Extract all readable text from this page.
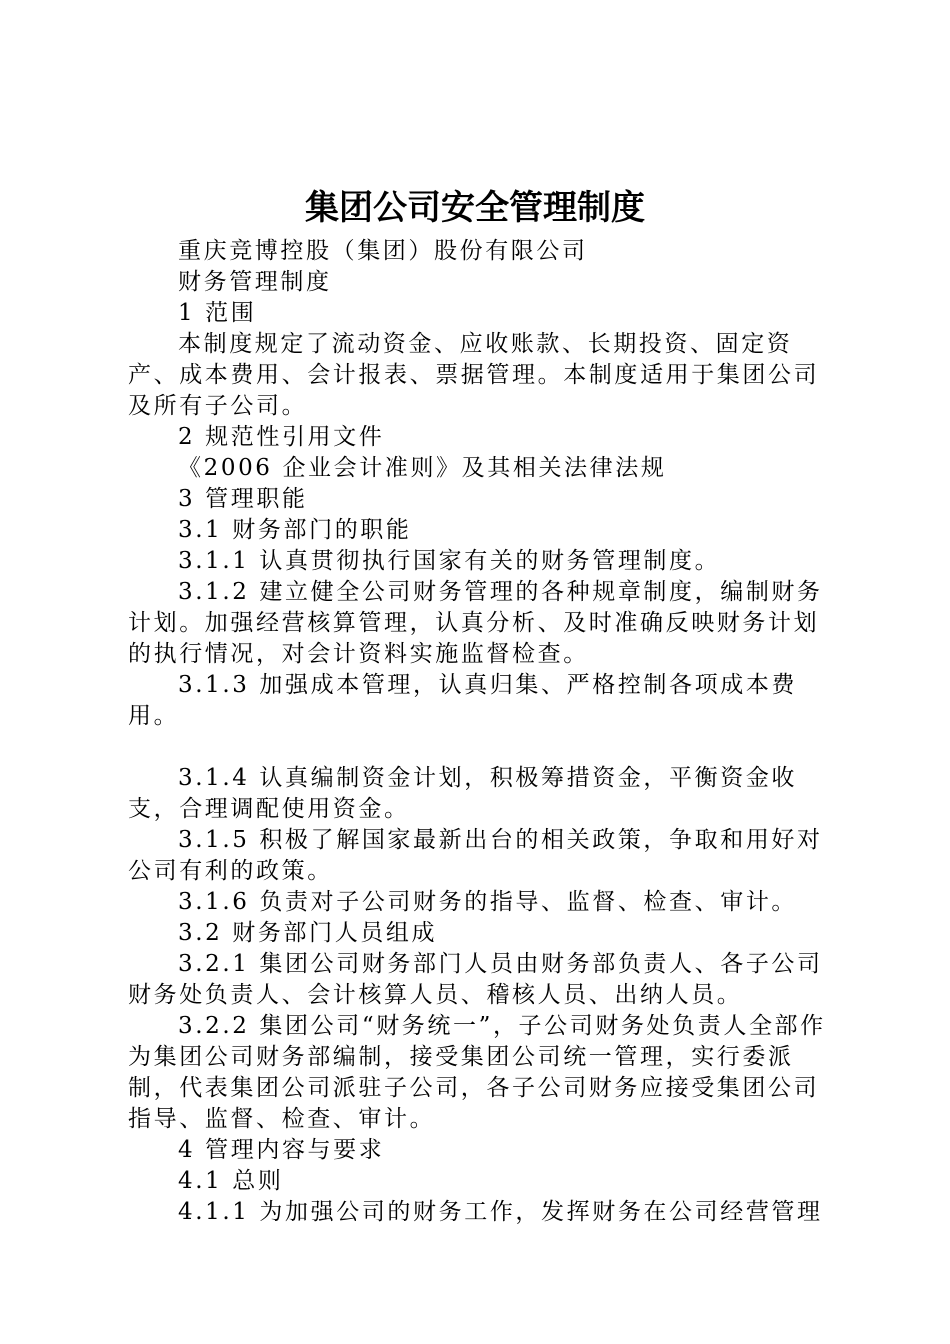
集团公司安全管理制度

重庆竞博控股（集团）股份有限公司

财务管理制度

1 范围

本制度规定了流动资金、应收账款、长期投资、固定资产、成本费用、会计报表、票据管理。本制度适用于集团公司及所有子公司。

2 规范性引用文件

《2006 企业会计准则》及其相关法律法规

3 管理职能

3.1 财务部门的职能

3.1.1 认真贯彻执行国家有关的财务管理制度。

3.1.2 建立健全公司财务管理的各种规章制度，编制财务计划。加强经营核算管理，认真分析、及时准确反映财务计划的执行情况，对会计资料实施监督检查。

3.1.3 加强成本管理，认真归集、严格控制各项成本费用。

3.1.4 认真编制资金计划，积极筹措资金，平衡资金收支，合理调配使用资金。

3.1.5 积极了解国家最新出台的相关政策，争取和用好对公司有利的政策。

3.1.6 负责对子公司财务的指导、监督、检查、审计。

3.2 财务部门人员组成

3.2.1 集团公司财务部门人员由财务部负责人、各子公司财务处负责人、会计核算人员、稽核人员、出纳人员。

3.2.2 集团公司“财务统一”，子公司财务处负责人全部作为集团公司财务部编制，接受集团公司统一管理，实行委派制，代表集团公司派驻子公司，各子公司财务应接受集团公司指导、监督、检查、审计。

4 管理内容与要求

4.1 总则

4.1.1 为加强公司的财务工作，发挥财务在公司经营管理
